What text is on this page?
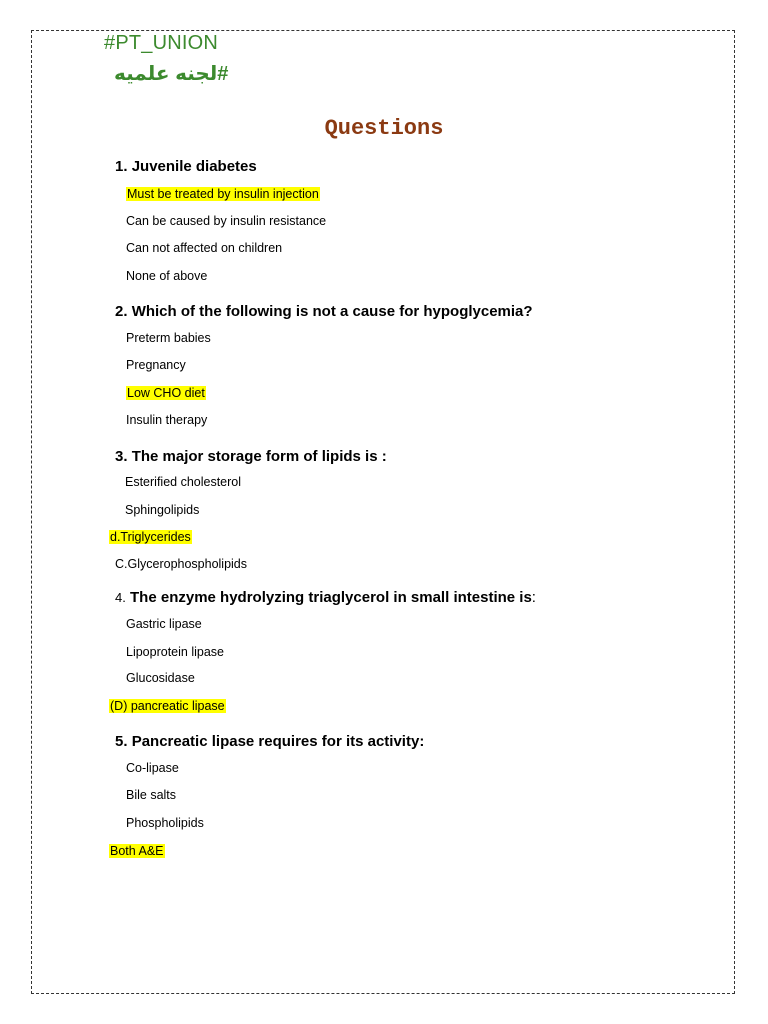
#PT_UNION
#لجنه علميه
Questions
1. Juvenile diabetes
Must be treated by insulin injection
Can be caused by insulin resistance
Can not affected on children
None of above
2. Which of the following is not a cause for hypoglycemia?
Preterm babies
Pregnancy
Low CHO diet
Insulin therapy
3. The major storage form of lipids is :
Esterified cholesterol
Sphingolipids
d.Triglycerides
C.Glycerophospholipids
4. The enzyme hydrolyzing triaglycerol in small intestine is:
Gastric lipase
Lipoprotein lipase
Glucosidase
(D) pancreatic lipase
5. Pancreatic lipase requires for its activity:
Co-lipase
Bile salts
Phospholipids
Both A&E
